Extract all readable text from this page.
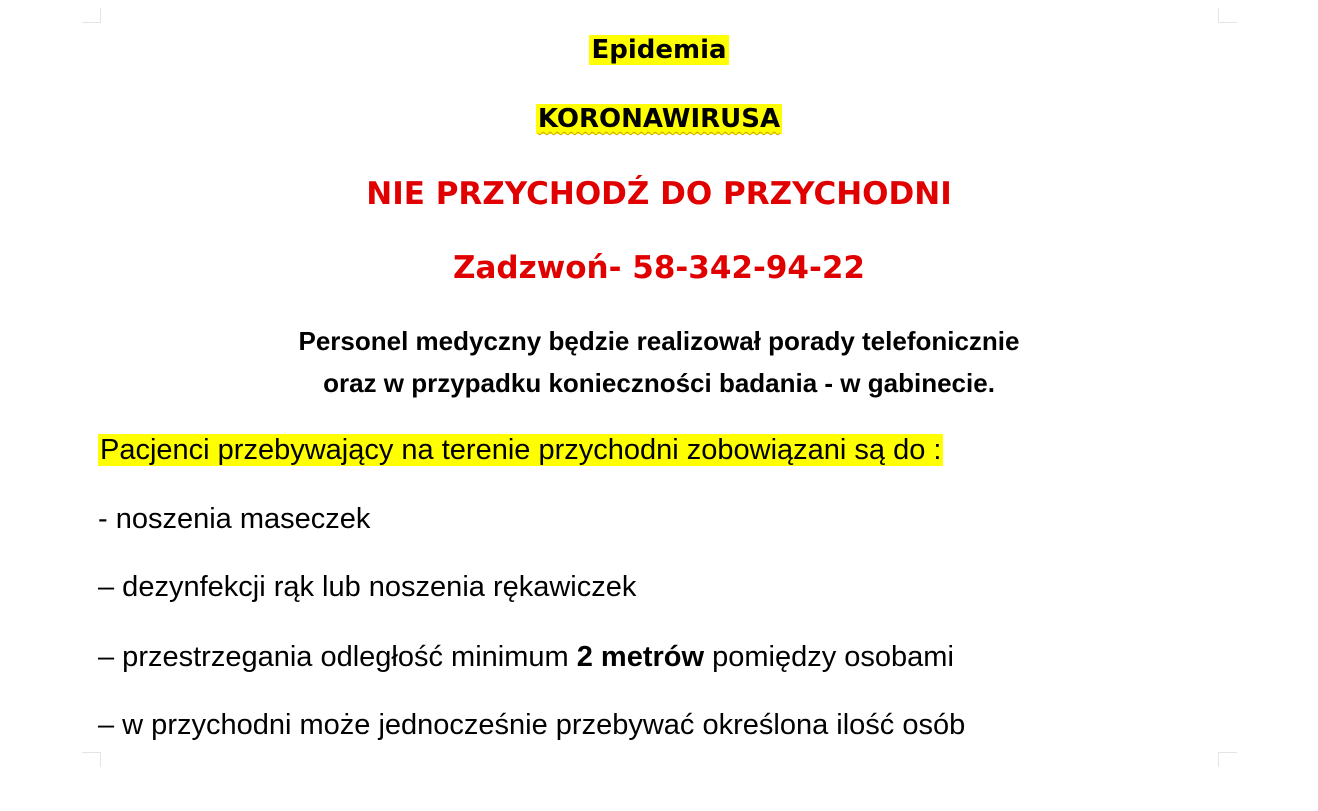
Epidemia
KORONAWIRUSA
NIE PRZYCHODŹ DO PRZYCHODNI
Zadzwoń- 58-342-94-22
Personel medyczny będzie realizował porady telefonicznie
oraz w przypadku konieczności badania - w gabinecie.
Pacjenci przebywający na terenie przychodni zobowiązani są do :
- noszenia maseczek
– dezynfekcji rąk lub noszenia rękawiczek
– przestrzegania odległość minimum 2 metrów pomiędzy osobami
– w przychodni może jednocześnie przebywać określona ilość osób
